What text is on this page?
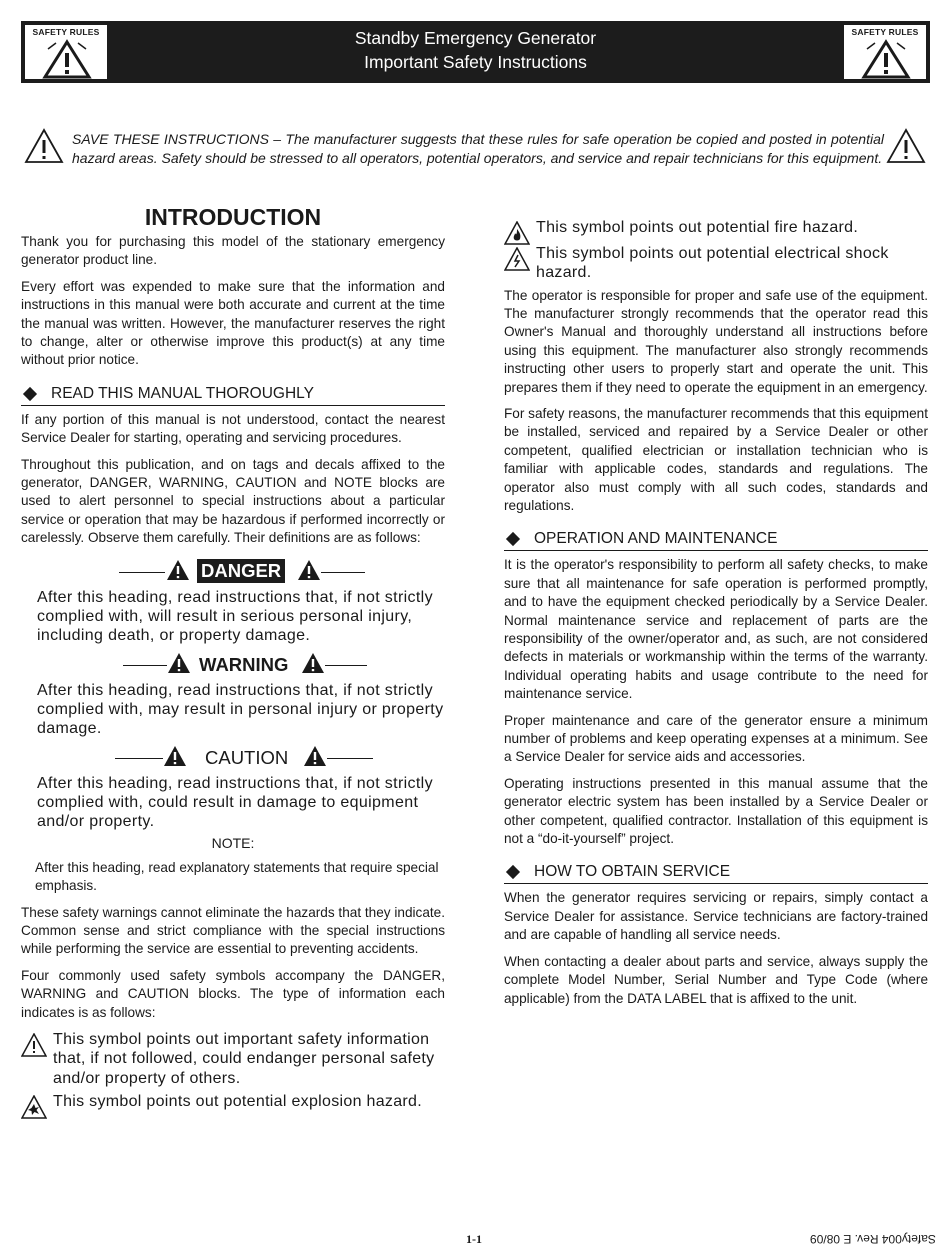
SAFETY RULES	Standby Emergency Generator
Important Safety Instructions
SAFETY RULES

SAVE THESE INSTRUCTIONS – The manufacturer suggests that these rules for safe operation be copied and posted in potential hazard areas. Safety should be stressed to all operators, potential operators, and service and repair technicians for this equipment.

INTRODUCTION

Thank you for purchasing this model of the stationary emergency generator product line.

Every effort was expended to make sure that the information and instructions in this manual were both accurate and current at the time the manual was written. However, the manufacturer reserves the right to change, alter or otherwise improve this product(s) at any time without prior notice.

READ THIS MANUAL THOROUGHLY

If any portion of this manual is not understood, contact the nearest Service Dealer for starting, operating and servicing procedures.

Throughout this publication, and on tags and decals affixed to the generator, DANGER, WARNING, CAUTION and NOTE blocks are used to alert personnel to special instructions about a particular service or operation that may be hazardous if performed incorrectly or carelessly. Observe them carefully. Their definitions are as follows:

DANGER

After this heading, read instructions that, if not strictly complied with, will result in serious personal injury, including death, or property damage.

WARNING

After this heading, read instructions that, if not strictly complied with, may result in personal injury or property damage.

CAUTION

After this heading, read instructions that, if not strictly complied with, could result in damage to equipment and/or property.

NOTE:

After this heading, read explanatory statements that require special emphasis.

These safety warnings cannot eliminate the hazards that they indicate. Common sense and strict compliance with the special instructions while performing the service are essential to preventing accidents.

Four commonly used safety symbols accompany the DANGER, WARNING and CAUTION blocks. The type of information each indicates is as follows:

This symbol points out important safety information that, if not followed, could endanger personal safety and/or property of others.
This symbol points out potential explosion hazard.
This symbol points out potential fire hazard.
This symbol points out potential electrical shock hazard.

The operator is responsible for proper and safe use of the equipment. The manufacturer strongly recommends that the operator read this Owner's Manual and thoroughly understand all instructions before using this equipment. The manufacturer also strongly recommends instructing other users to properly start and operate the unit. This prepares them if they need to operate the equipment in an emergency.

For safety reasons, the manufacturer recommends that this equipment be installed, serviced and repaired by a Service Dealer or other competent, qualified electrician or installation technician who is familiar with applicable codes, standards and regulations. The operator also must comply with all such codes, standards and regulations.

OPERATION AND MAINTENANCE

It is the operator's responsibility to perform all safety checks, to make sure that all maintenance for safe operation is performed promptly, and to have the equipment checked periodically by a Service Dealer. Normal maintenance service and replacement of parts are the responsibility of the owner/operator and, as such, are not considered defects in materials or workmanship within the terms of the warranty. Individual operating habits and usage contribute to the need for maintenance service.

Proper maintenance and care of the generator ensure a minimum number of problems and keep operating expenses at a minimum. See a Service Dealer for service aids and accessories.

Operating instructions presented in this manual assume that the generator electric system has been installed by a Service Dealer or other competent, qualified contractor. Installation of this equipment is not a “do-it-yourself” project.

HOW TO OBTAIN SERVICE

When the generator requires servicing or repairs, simply contact a Service Dealer for assistance. Service technicians are factory-trained and are capable of handling all service needs.

When contacting a dealer about parts and service, always supply the complete Model Number, Serial Number and Type Code (where applicable) from the DATA LABEL that is affixed to the unit.

1-1	Safety004 Rev. E 08/09
